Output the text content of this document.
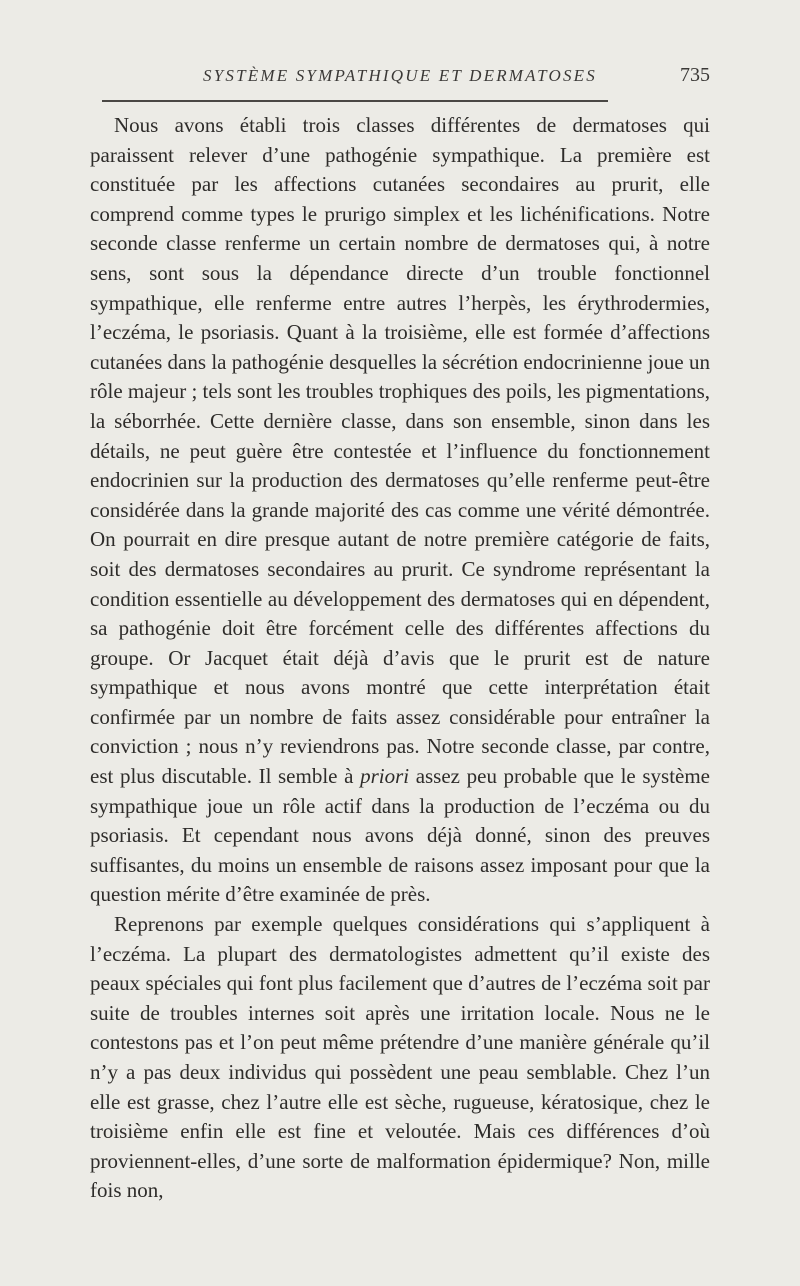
SYSTÈME SYMPATHIQUE ET DERMATOSES	735

Nous avons établi trois classes différentes de dermatoses qui paraissent relever d’une pathogénie sympathique. La première est constituée par les affections cutanées secondaires au prurit, elle comprend comme types le prurigo simplex et les lichénifications. Notre seconde classe renferme un certain nombre de dermatoses qui, à notre sens, sont sous la dépendance directe d’un trouble fonctionnel sympathique, elle renferme entre autres l’herpès, les érythrodermies, l’eczéma, le psoriasis. Quant à la troisième, elle est formée d’affections cutanées dans la pathogénie desquelles la sécrétion endocrinienne joue un rôle majeur ; tels sont les troubles trophiques des poils, les pigmentations, la séborrhée. Cette dernière classe, dans son ensemble, sinon dans les détails, ne peut guère être contestée et l’influence du fonctionnement endocrinien sur la production des dermatoses qu’elle renferme peut-être considérée dans la grande majorité des cas comme une vérité démontrée. On pourrait en dire presque autant de notre première catégorie de faits, soit des dermatoses secondaires au prurit. Ce syndrome représentant la condition essentielle au développement des dermatoses qui en dépendent, sa pathogénie doit être forcément celle des différentes affections du groupe. Or Jacquet était déjà d’avis que le prurit est de nature sympathique et nous avons montré que cette interprétation était confirmée par un nombre de faits assez considérable pour entraîner la conviction ; nous n’y reviendrons pas. Notre seconde classe, par contre, est plus discutable. Il semble à priori assez peu probable que le système sympathique joue un rôle actif dans la production de l’eczéma ou du psoriasis. Et cependant nous avons déjà donné, sinon des preuves suffisantes, du moins un ensemble de raisons assez imposant pour que la question mérite d’être examinée de près.

Reprenons par exemple quelques considérations qui s’appliquent à l’eczéma. La plupart des dermatologistes admettent qu’il existe des peaux spéciales qui font plus facilement que d’autres de l’eczéma soit par suite de troubles internes soit après une irritation locale. Nous ne le contestons pas et l’on peut même prétendre d’une manière générale qu’il n’y a pas deux individus qui possèdent une peau semblable. Chez l’un elle est grasse, chez l’autre elle est sèche, rugueuse, kératosique, chez le troisième enfin elle est fine et veloutée. Mais ces différences d’où proviennent-elles, d’une sorte de malformation épidermique? Non, mille fois non,
